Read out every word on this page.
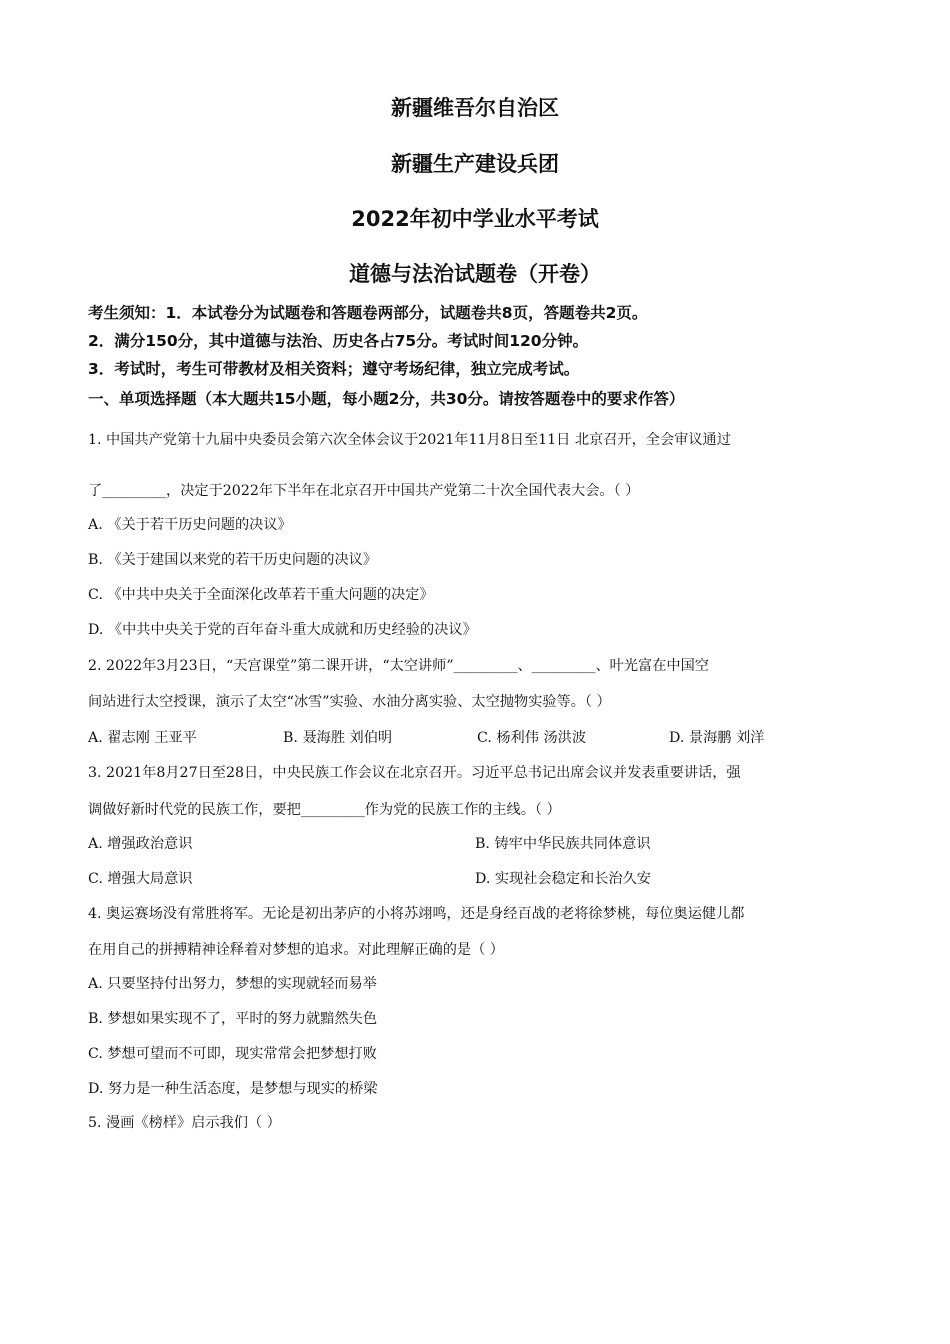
新疆维吾尔自治区
新疆生产建设兵团
2022年初中学业水平考试
道德与法治试题卷（开卷）
考生须知：1．本试卷分为试题卷和答题卷两部分，试题卷共8页，答题卷共2页。
2．满分150分，其中道德与法治、历史各占75分。考试时间120分钟。
3．考试时，考生可带教材及相关资料；遵守考场纪律，独立完成考试。
一、单项选择题（本大题共15小题，每小题2分，共30分。请按答题卷中的要求作答）
1. 中国共产党第十九届中央委员会第六次全体会议于2021年11月8日至11日 北京召开，全会审议通过
了_________，决定于2022年下半年在北京召开中国共产党第二十次全国代表大会。（ ）
A. 《关于若干历史问题的决议》
B. 《关于建国以来党的若干历史问题的决议》
C. 《中共中央关于全面深化改革若干重大问题的决定》
D. 《中共中央关于党的百年奋斗重大成就和历史经验的决议》
2. 2022年3月23日，“天宫课堂”第二课开讲，“太空讲师”_________、_________、叶光富在中国空
间站进行太空授课，演示了太空“冰雪”实验、水油分离实验、太空抛物实验等。（ ）
A. 翟志刚 王亚平	B. 聂海胜 刘伯明	C. 杨利伟 汤洪波	D. 景海鹏 刘洋
3. 2021年8月27日至28日，中央民族工作会议在北京召开。习近平总书记出席会议并发表重要讲话，强
调做好新时代党的民族工作，要把_________作为党的民族工作的主线。（ ）
A. 增强政治意识	B. 铸牢中华民族共同体意识
C. 增强大局意识	D. 实现社会稳定和长治久安
4. 奥运赛场没有常胜将军。无论是初出茅庐的小将苏翊鸣，还是身经百战的老将徐梦桃，每位奥运健儿都
在用自己的拼搏精神诠释着对梦想的追求。对此理解正确的是（ ）
A. 只要坚持付出努力，梦想的实现就轻而易举
B. 梦想如果实现不了，平时的努力就黯然失色
C. 梦想可望而不可即，现实常常会把梦想打败
D. 努力是一种生活态度，是梦想与现实的桥梁
5. 漫画《榜样》启示我们（ ）
